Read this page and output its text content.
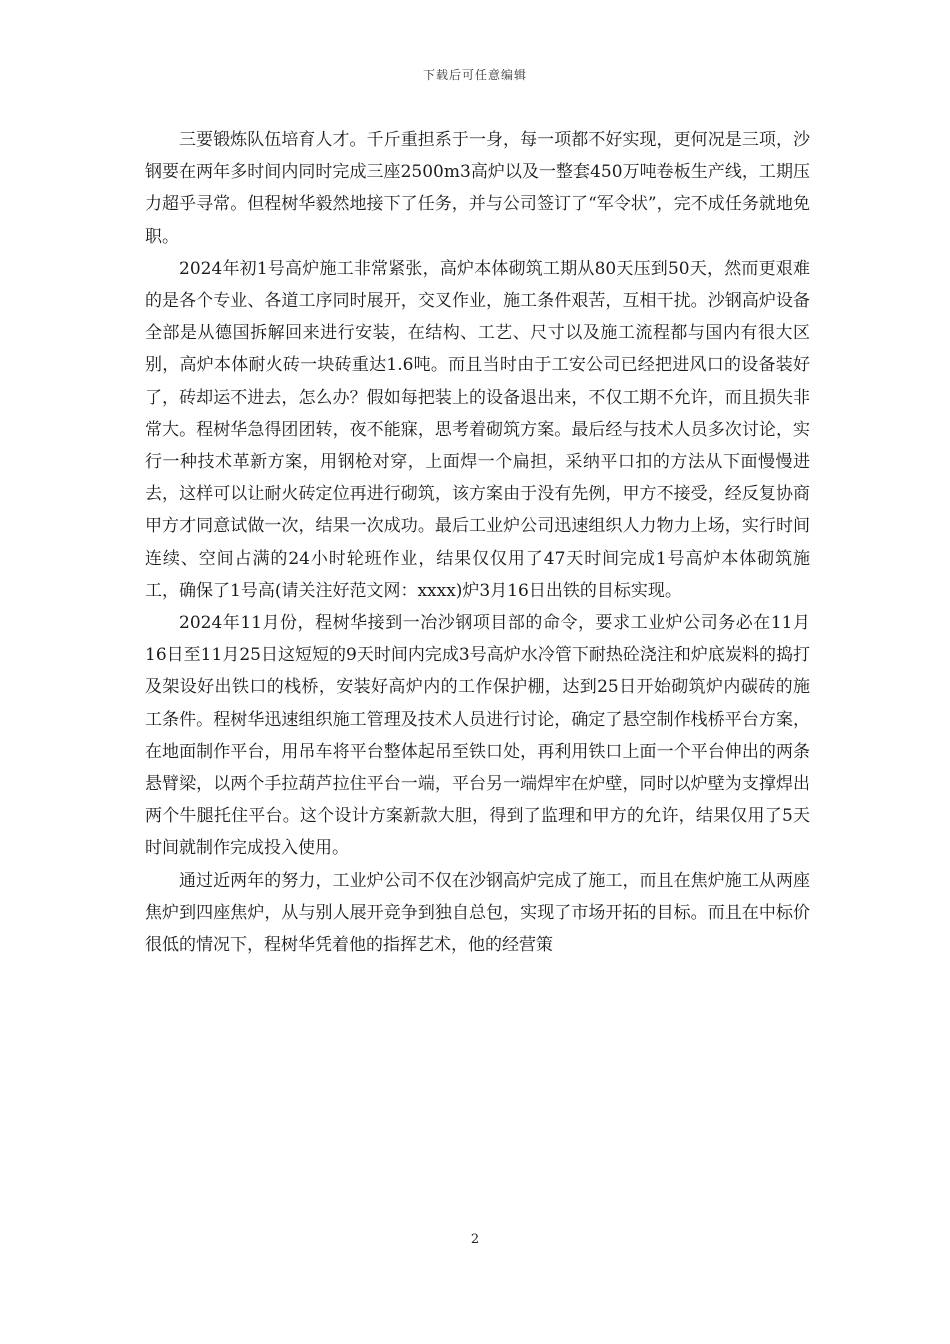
下载后可任意编辑

三要锻炼队伍培育人才。千斤重担系于一身，每一项都不好实现，更何况是三项，沙钢要在两年多时间内同时完成三座2500m3高炉以及一整套450万吨卷板生产线，工期压力超乎寻常。但程树华毅然地接下了任务，并与公司签订了“军令状”，完不成任务就地免职。

2024年初1号高炉施工非常紧张，高炉本体砌筑工期从80天压到50天，然而更艰难的是各个专业、各道工序同时展开，交叉作业，施工条件艰苦，互相干扰。沙钢高炉设备全部是从德国拆解回来进行安装，在结构、工艺、尺寸以及施工流程都与国内有很大区别，高炉本体耐火砖一块砖重达1.6吨。而且当时由于工安公司已经把进风口的设备装好了，砖却运不进去，怎么办？假如每把装上的设备退出来，不仅工期不允许，而且损失非常大。程树华急得团团转，夜不能寐，思考着砌筑方案。最后经与技术人员多次讨论，实行一种技术革新方案，用钢枪对穿，上面焊一个扁担，采纳平口扣的方法从下面慢慢进去，这样可以让耐火砖定位再进行砌筑，该方案由于没有先例，甲方不接受，经反复协商甲方才同意试做一次，结果一次成功。最后工业炉公司迅速组织人力物力上场，实行时间连续、空间占满的24小时轮班作业，结果仅仅用了47天时间完成1号高炉本体砌筑施工，确保了1号高(请关注好范文网：xxxx)炉3月16日出铁的目标实现。

2024年11月份，程树华接到一冶沙钢项目部的命令，要求工业炉公司务必在11月16日至11月25日这短短的9天时间内完成3号高炉水冷管下耐热砼浇注和炉底炭料的捣打及架设好出铁口的栈桥，安装好高炉内的工作保护棚，达到25日开始砌筑炉内碳砖的施工条件。程树华迅速组织施工管理及技术人员进行讨论，确定了悬空制作栈桥平台方案，在地面制作平台，用吊车将平台整体起吊至铁口处，再利用铁口上面一个平台伸出的两条悬臂梁，以两个手拉葫芦拉住平台一端，平台另一端焊牢在炉壁，同时以炉壁为支撑焊出两个牛腿托住平台。这个设计方案新款大胆，得到了监理和甲方的允许，结果仅用了5天时间就制作完成投入使用。

通过近两年的努力，工业炉公司不仅在沙钢高炉完成了施工，而且在焦炉施工从两座焦炉到四座焦炉，从与别人展开竞争到独自总包，实现了市场开拓的目标。而且在中标价很低的情况下，程树华凭着他的指挥艺术，他的经营策

2
